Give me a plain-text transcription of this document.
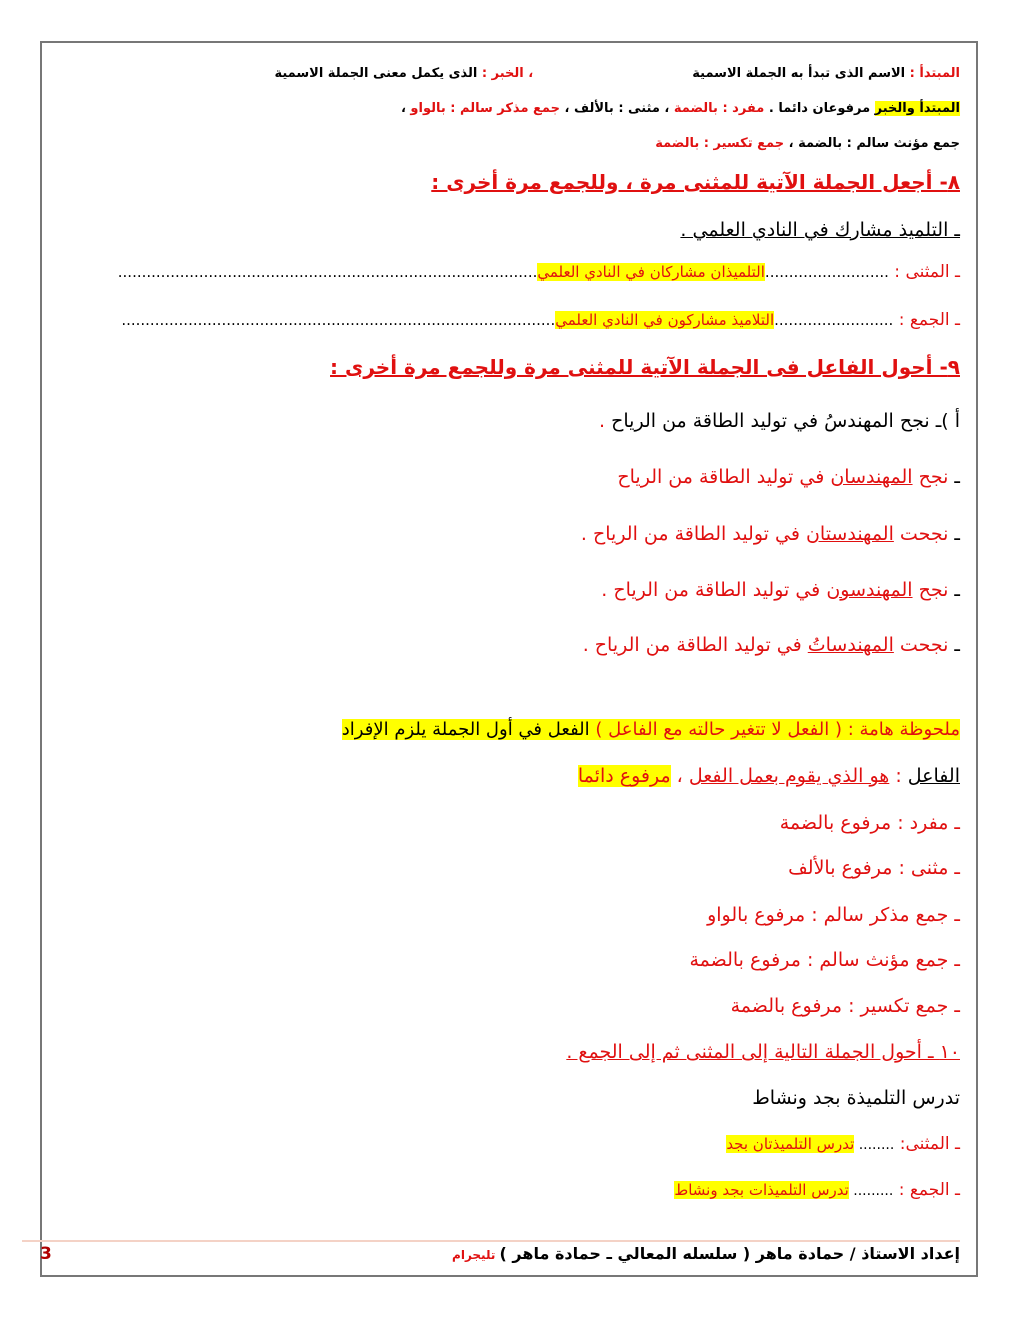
المبتدأ : الاسم الذى تبدأ به الجملة الاسمية  ، الخبر : الذى يكمل معنى الجملة الاسمية
المبتدأ والخبر مرفوعان دائما . مفرد : بالضمة ، مثنى : بالألف ، جمع مذكر سالم : بالواو ،
جمع مؤنث سالم : بالضمة ، جمع تكسير : بالضمة
٨- أجعل الجملة الآتية للمثنى مرة ، وللجمع مرة أخرى :
ـ التلميذ مشارك في النادي العلمي .
ـ المثنى : ..........................التلميذان مشاركان في النادي العلمي........................................................................................
ـ الجمع : .........................التلاميذ مشاركون في النادي العلمي...........................................................................................
٩- أحول الفاعل فى الجملة الآتية للمثنى مرة وللجمع مرة أخرى :
أ )ـ نجح المهندسُ في توليد الطاقة من الرياح .
ـ نجح المهندسان في توليد الطاقة من الرياح
ـ نجحت المهندستان في توليد الطاقة من الرياح .
ـ نجح المهندسون في توليد الطاقة من الرياح .
ـ نجحت المهندساتُ في توليد الطاقة من الرياح .
ملحوظة هامة : ( الفعل لا تتغير حالته مع الفاعل ) الفعل في أول الجملة يلزم الإفراد
الفاعل : هو الذي يقوم بعمل الفعل ، مرفوع دائما
ـ مفرد : مرفوع بالضمة
ـ مثنى : مرفوع بالألف
ـ جمع مذكر سالم : مرفوع بالواو
ـ جمع مؤنث سالم : مرفوع بالضمة
ـ جمع تكسير : مرفوع بالضمة
١٠ ـ أحول الجملة التالية إلى المثنى ثم إلى الجمع .
تدرس التلميذة بجد ونشاط
ـ المثنى: ........ تدرس التلميذتان بجد
ـ الجمع : ......... تدرس التلميذات بجد ونشاط
إعداد الاستاذ / حمادة ماهر ( سلسله المعالي ـ حمادة ماهر ) تليجرام
3
